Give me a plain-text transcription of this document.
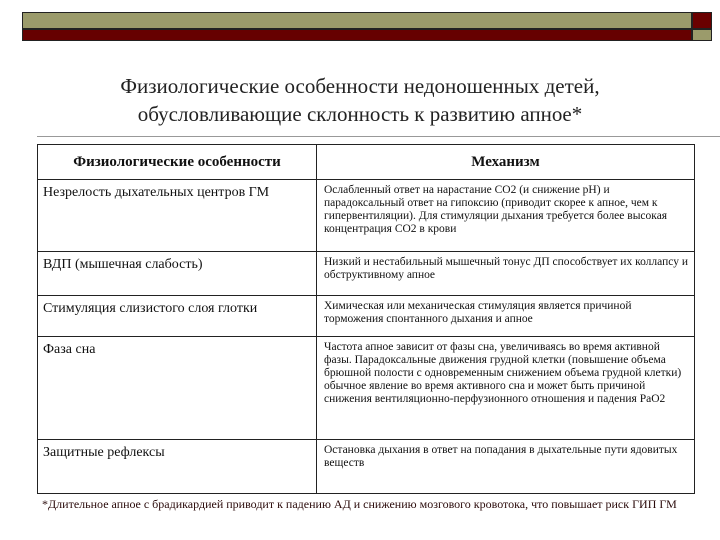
Физиологические особенности недоношенных детей, обусловливающие склонность к развитию апноe*
Физиологические особенности	Механизм
Незрелость дыхательных центров ГМ	Ослабленный ответ на нарастание CO2 (и снижение pH) и парадоксальный ответ на гипоксию (приводит скорее к апноe, чем к гипервентиляции). Для стимуляции дыхания требуется более высокая концентрация CO2 в крови
ВДП (мышечная слабость)	Низкий и нестабильный мышечный тонус ДП способствует их коллапсу и обструктивному апноe
Стимуляция слизистого слоя глотки	Химическая или механическая стимуляция является причиной торможения спонтанного дыхания и апноe
Фаза сна	Частота апноe зависит от фазы сна, увеличиваясь во время активной фазы. Парадоксальные движения грудной клетки (повышение объема брюшной полости с одновременным снижением объема грудной клетки) обычное явление во время активного сна и может быть причиной снижения вентиляционно-перфузионного отношения и падения PaO2
Защитные рефлексы	Остановка дыхания в ответ на попадания в дыхательные пути ядовитых веществ
*Длительное апноe с брадикардией приводит к падению АД и снижению мозгового кровотока, что повышает риск ГИП ГМ
